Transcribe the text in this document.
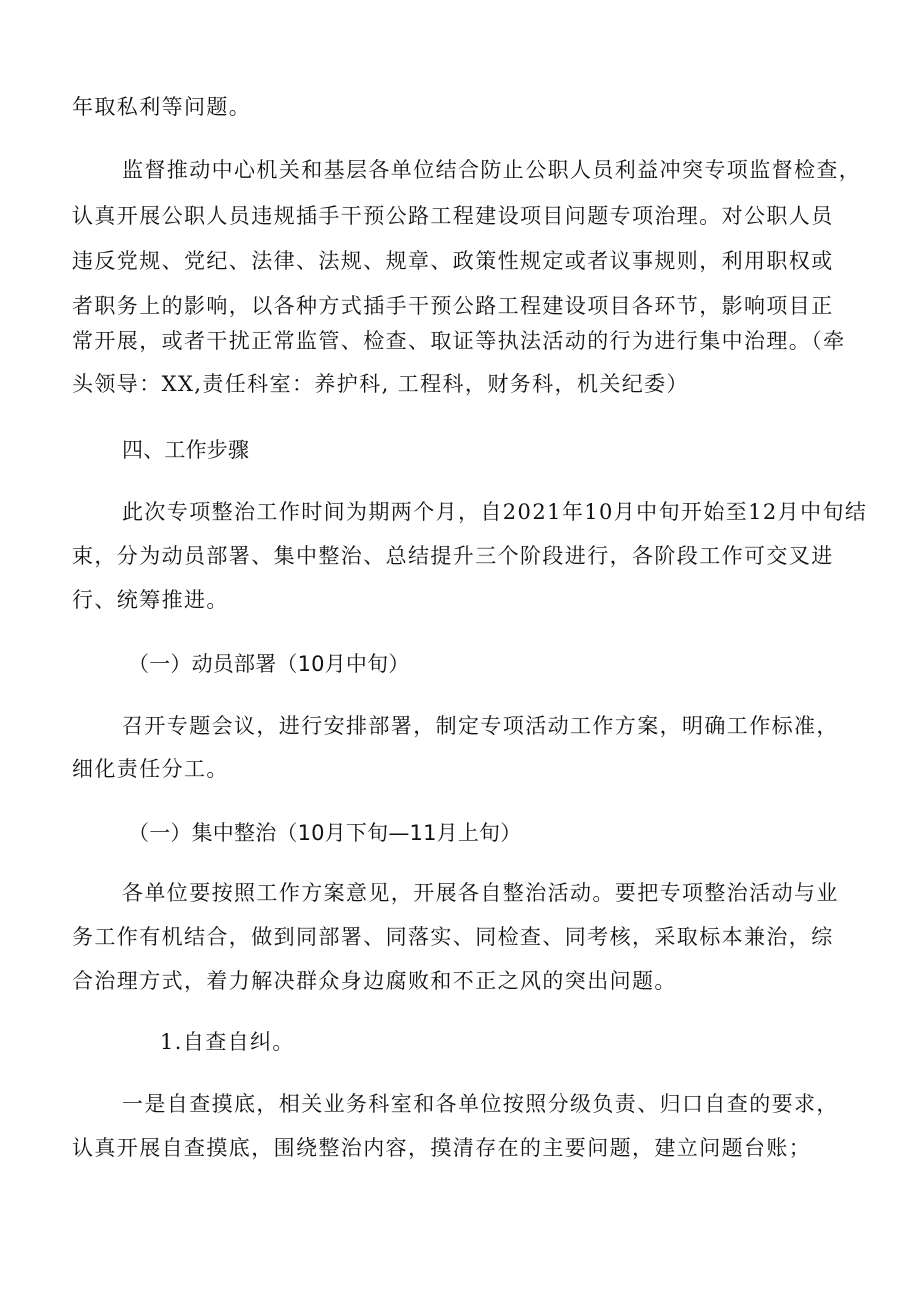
年取私利等问题。
监督推动中心机关和基层各单位结合防止公职人员利益冲突专项监督检查，
认真开展公职人员违规插手干预公路工程建设项目问题专项治理。对公职人员
违反党规、党纪、法律、法规、规章、政策性规定或者议事规则，利用职权或
者职务上的影响，以各种方式插手干预公路工程建设项目各环节，影响项目正
常开展，或者干扰正常监管、检查、取证等执法活动的行为进行集中治理。（牵
头领导：XX,责任科室：养护科, 工程科，财务科，机关纪委）
四、工作步骤
此次专项整治工作时间为期两个月，自2021年10月中旬开始至12月中旬结
束，分为动员部署、集中整治、总结提升三个阶段进行，各阶段工作可交叉进
行、统筹推进。
（一）动员部署（10月中旬）
召开专题会议，进行安排部署，制定专项活动工作方案，明确工作标准，
细化责任分工。
（一）集中整治（10月下旬—11月上旬）
各单位要按照工作方案意见，开展各自整治活动。要把专项整治活动与业
务工作有机结合，做到同部署、同落实、同检查、同考核，采取标本兼治，综
合治理方式，着力解决群众身边腐败和不正之风的突出问题。
1.自查自纠。
一是自查摸底，相关业务科室和各单位按照分级负责、归口自查的要求，
认真开展自查摸底，围绕整治内容，摸清存在的主要问题，建立问题台账；
